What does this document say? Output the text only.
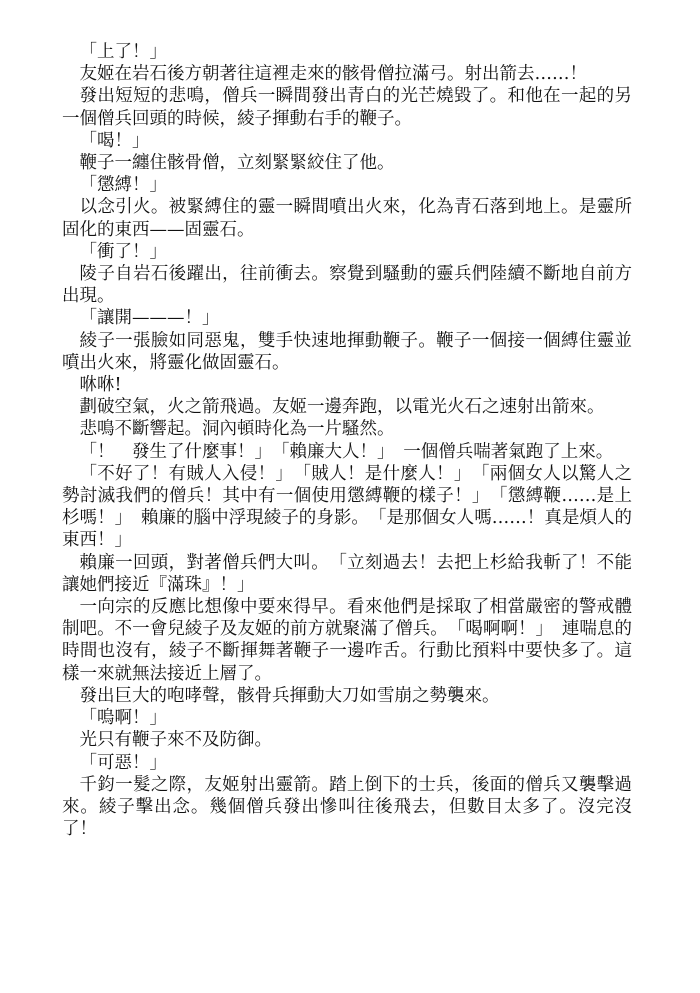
「上了！」

友姬在岩石後方朝著往這裡走來的骸骨僧拉滿弓。射出箭去……！

發出短短的悲鳴，僧兵一瞬間發出青白的光芒燒毀了。和他在一起的另一個僧兵回頭的時候，綾子揮動右手的鞭子。

「喝！」

鞭子一纏住骸骨僧，立刻緊緊絞住了他。

「懲縛！」

以念引火。被緊縛住的靈一瞬間噴出火來，化為青石落到地上。是靈所固化的東西——固靈石。

「衝了！」

陵子自岩石後躍出，往前衝去。察覺到騷動的靈兵們陸續不斷地自前方出現。

「讓開———！」

綾子一張臉如同惡鬼，雙手快速地揮動鞭子。鞭子一個接一個縛住靈並噴出火來，將靈化做固靈石。

咻咻!

劃破空氣，火之箭飛過。友姬一邊奔跑，以電光火石之速射出箭來。

悲鳴不斷響起。洞內頓時化為一片騷然。

「！　發生了什麼事！」　「賴廉大人！」　一個僧兵喘著氣跑了上來。

「不好了！有賊人入侵！」　「賊人！是什麼人！」　「兩個女人以驚人之勢討滅我們的僧兵！其中有一個使用懲縛鞭的樣子！」　「懲縛鞭……是上杉嗎！」　賴廉的腦中浮現綾子的身影。　「是那個女人嗎……！真是煩人的東西！」

賴廉一回頭，對著僧兵們大叫。　「立刻過去！去把上杉給我斬了！不能讓她們接近『滿珠』！」

一向宗的反應比想像中要來得早。看來他們是採取了相當嚴密的警戒體制吧。不一會兒綾子及友姬的前方就聚滿了僧兵。　「喝啊啊！」　連喘息的時間也沒有，綾子不斷揮舞著鞭子一邊咋舌。行動比預料中要快多了。這樣一來就無法接近上層了。

發出巨大的咆哮聲，骸骨兵揮動大刀如雪崩之勢襲來。

「嗚啊！」

光只有鞭子來不及防御。

「可惡！」

千鈞一髮之際，友姬射出靈箭。踏上倒下的士兵，後面的僧兵又襲擊過來。綾子擊出念。幾個僧兵發出慘叫往後飛去，但數目太多了。沒完沒了！
